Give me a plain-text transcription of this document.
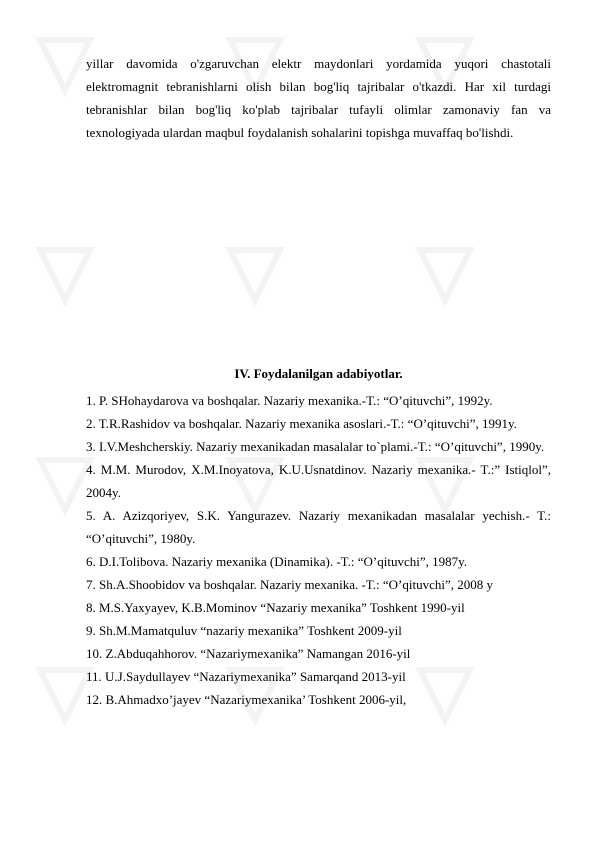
yillar davomida o'zgaruvchan elektr maydonlari yordamida yuqori chastotali elektromagnit tebranishlarni olish bilan bog'liq tajribalar o'tkazdi. Har xil turdagi tebranishlar bilan bog'liq ko'plab tajribalar tufayli olimlar zamonaviy fan va texnologiyada ulardan maqbul foydalanish sohalarini topishga muvaffaq bo'lishdi.
IV. Foydalanilgan adabiyotlar.
1. P. SHohaydarova va boshqalar. Nazariy mexanika.-T.: “O’qituvchi”, 1992y.
2. T.R.Rashidov va boshqalar. Nazariy mexanika asoslari.-T.: “O’qituvchi”, 1991y.
3. I.V.Meshcherskiy. Nazariy mexanikadan masalalar to`plami.-T.: “O’qituvchi”, 1990y.
4. M.M. Murodov, X.M.Inoyatova, K.U.Usnatdinov. Nazariy mexanika.- T.:” Istiqlol”, 2004y.
5. A. Azizqoriyev, S.K. Yangurazev. Nazariy mexanikadan masalalar yechish.- T.: “O’qituvchi”, 1980y.
6. D.I.Tolibova. Nazariy mexanika (Dinamika). -T.: “O’qituvchi”, 1987y.
7. Sh.A.Shoobidov va boshqalar. Nazariy mexanika. -T.: “O’qituvchi”, 2008 y
8. M.S.Yaxyayev, K.B.Mominov “Nazariy mexanika” Toshkent 1990-yil
9. Sh.M.Mamatquluv “nazariy mexanika” Toshkent 2009-yil
10. Z.Abduqahhorov. “Nazariymexanika” Namangan 2016-yil
11. U.J.Saydullayev “Nazariymexanika” Samarqand 2013-yil
12. B.Ahmadxo’jayev “Nazariymexanika’ Toshkent 2006-yil,
